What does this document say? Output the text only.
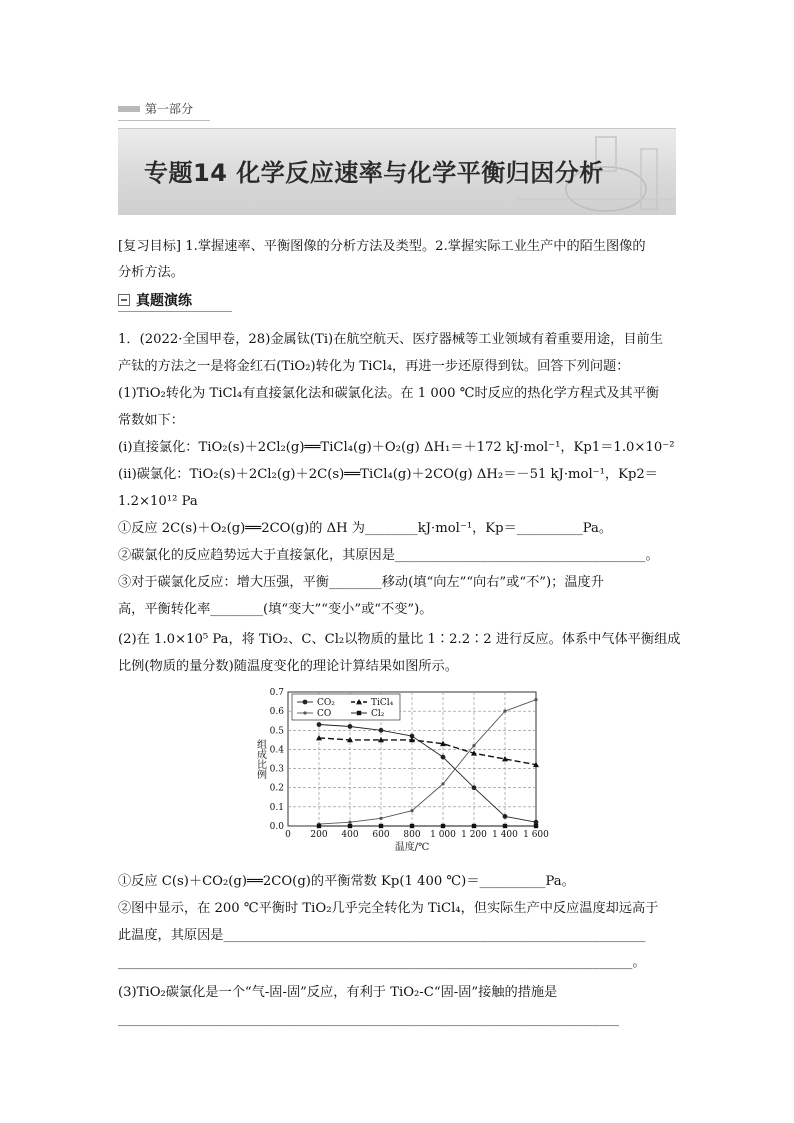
第一部分
专题14 化学反应速率与化学平衡归因分析
[复习目标] 1.掌握速率、平衡图像的分析方法及类型。2.掌握实际工业生产中的陌生图像的
分析方法。
真题演练
1．(2022·全国甲卷，28)金属钛(Ti)在航空航天、医疗器械等工业领域有着重要用途，目前生
产钛的方法之一是将金红石(TiO₂)转化为 TiCl₄，再进一步还原得到钛。回答下列问题：
(1)TiO₂转化为 TiCl₄有直接氯化法和碳氯化法。在 1 000 ℃时反应的热化学方程式及其平衡
常数如下：
(ⅰ)直接氯化：TiO₂(s)＋2Cl₂(g)══TiCl₄(g)＋O₂(g) ΔH₁＝＋172 kJ·mol⁻¹，Kp1＝1.0×10⁻²
(ⅱ)碳氯化：TiO₂(s)＋2Cl₂(g)＋2C(s)══TiCl₄(g)＋2CO(g) ΔH₂＝－51 kJ·mol⁻¹，Kp2＝
1.2×10¹² Pa
①反应 2C(s)＋O₂(g)══2CO(g)的 ΔH 为________kJ·mol⁻¹，Kp＝__________Pa。
②碳氯化的反应趋势远大于直接氯化，其原因是______________________________________。
③对于碳氯化反应：增大压强，平衡________移动(填“向左”“向右”或“不”)；温度升
高，平衡转化率________(填“变大”“变小”或“不变”)。
(2)在 1.0×10⁵ Pa，将 TiO₂、C、Cl₂以物质的量比 1∶2.2∶2 进行反应。体系中气体平衡组成
比例(物质的量分数)随温度变化的理论计算结果如图所示。
0.0
0.1
0.2
0.3
0.4
0.5
0.6
0.7
0 200 400 600 800 1 000 1 200 1 400 1 600
温度/℃
组成比例
CO₂
CO
TiCl₄
Cl₂
①反应 C(s)＋CO₂(g)══2CO(g)的平衡常数 Kp(1 400 ℃)＝__________Pa。
②图中显示，在 200 ℃平衡时 TiO₂几乎完全转化为 TiCl₄，但实际生产中反应温度却远高于
此温度，其原因是________________________________________________________________
______________________________________________________________________________。
(3)TiO₂碳氯化是一个“气-固-固”反应，有利于 TiO₂-C“固-固”接触的措施是
____________________________________________________________________________
